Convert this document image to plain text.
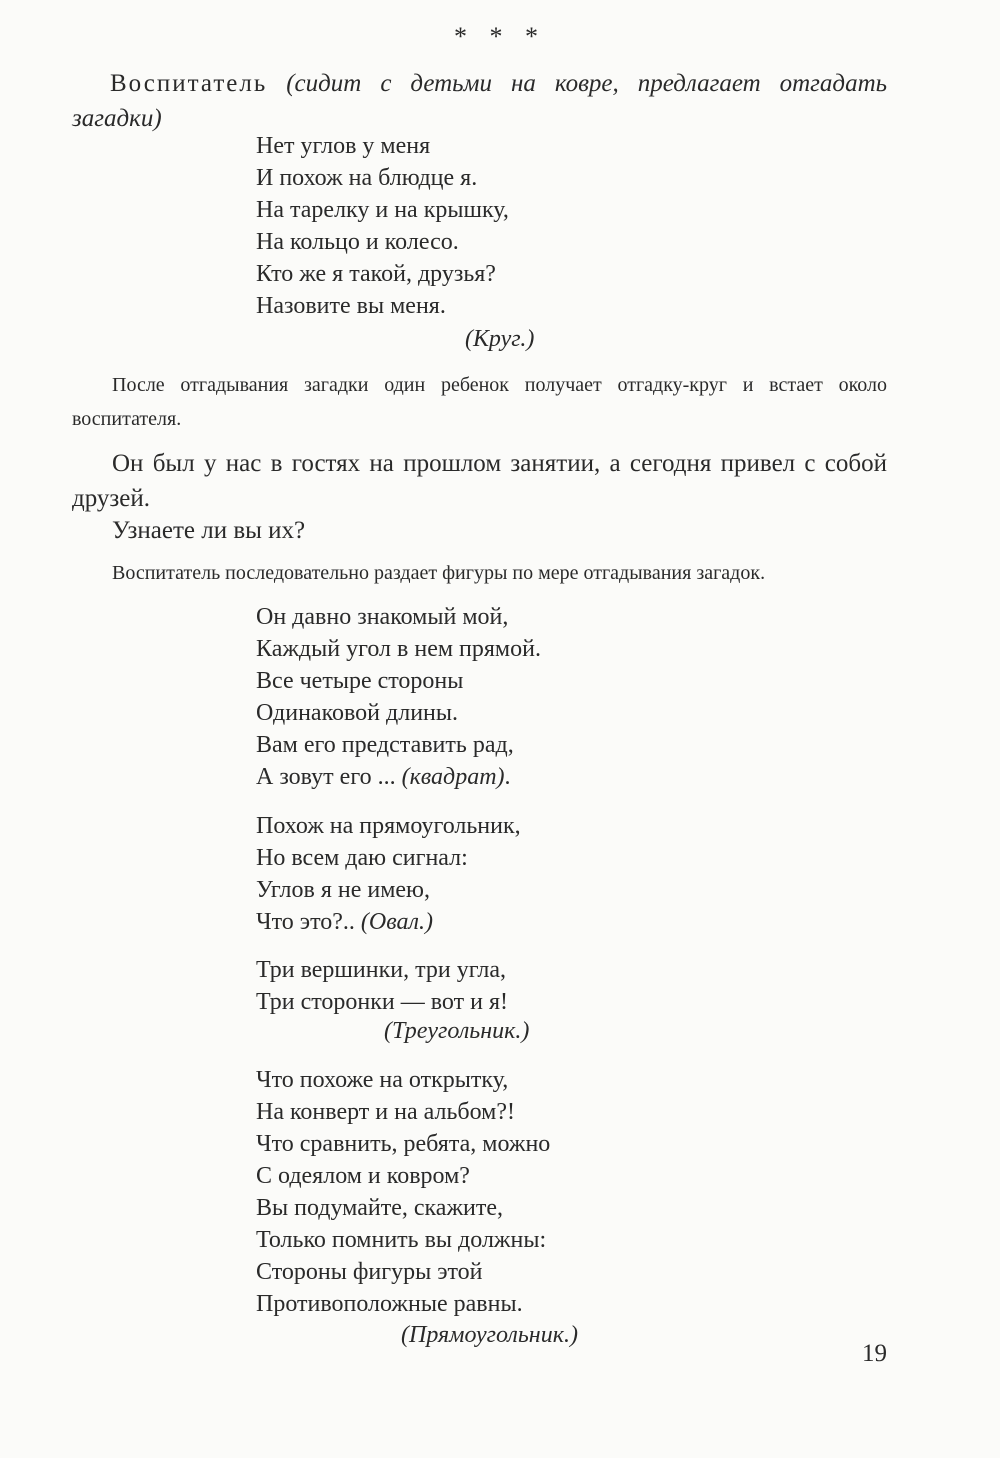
* * *

Воспитатель (сидит с детьми на ковре, предлагает отгадать загадки)

Нет углов у меня
И похож на блюдце я.
На тарелку и на крышку,
На кольцо и колесо.
Кто же я такой, друзья?
Назовите вы меня.
(Круг.)

После отгадывания загадки один ребенок получает отгадку-круг и встает около воспитателя.

Он был у нас в гостях на прошлом занятии, а сегодня привел с собой друзей.

Узнаете ли вы их?

Воспитатель последовательно раздает фигуры по мере отгадывания загадок.

Он давно знакомый мой,
Каждый угол в нем прямой.
Все четыре стороны
Одинаковой длины.
Вам его представить рад,
А зовут его ... (квадрат).
Похож на прямоугольник,
Но всем даю сигнал:
Углов я не имею,
Что это?.. (Овал.)
Три вершинки, три угла,
Три сторонки — вот и я!
(Треугольник.)
Что похоже на открытку,
На конверт и на альбом?!
Что сравнить, ребята, можно
С одеялом и ковром?
Вы подумайте, скажите,
Только помнить вы должны:
Стороны фигуры этой
Противоположные равны.
(Прямоугольник.)
19
